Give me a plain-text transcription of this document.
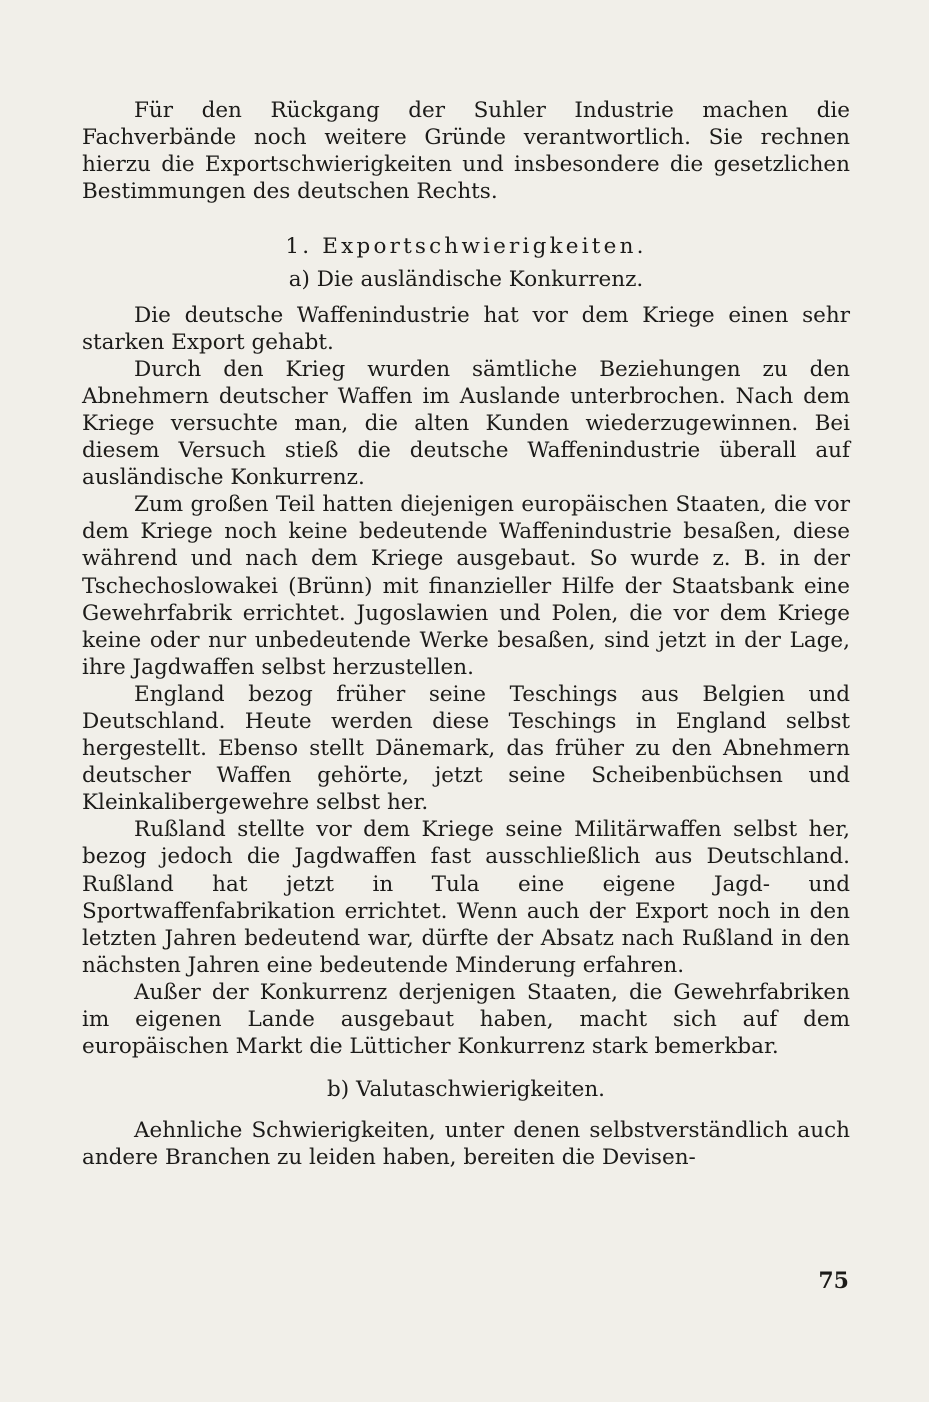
Für den Rückgang der Suhler Industrie machen die Fachverbände noch weitere Gründe verantwortlich. Sie rechnen hierzu die Exportschwierigkeiten und insbesondere die gesetzlichen Bestimmungen des deutschen Rechts.

1. Exportschwierigkeiten.

a) Die ausländische Konkurrenz.

Die deutsche Waffenindustrie hat vor dem Kriege einen sehr starken Export gehabt.

Durch den Krieg wurden sämtliche Beziehungen zu den Abnehmern deutscher Waffen im Auslande unterbrochen. Nach dem Kriege versuchte man, die alten Kunden wiederzugewinnen. Bei diesem Versuch stieß die deutsche Waffenindustrie überall auf ausländische Konkurrenz.

Zum großen Teil hatten diejenigen europäischen Staaten, die vor dem Kriege noch keine bedeutende Waffenindustrie besaßen, diese während und nach dem Kriege ausgebaut. So wurde z. B. in der Tschechoslowakei (Brünn) mit finanzieller Hilfe der Staatsbank eine Gewehrfabrik errichtet. Jugoslawien und Polen, die vor dem Kriege keine oder nur unbedeutende Werke besaßen, sind jetzt in der Lage, ihre Jagdwaffen selbst herzustellen.

England bezog früher seine Teschings aus Belgien und Deutschland. Heute werden diese Teschings in England selbst hergestellt. Ebenso stellt Dänemark, das früher zu den Abnehmern deutscher Waffen gehörte, jetzt seine Scheibenbüchsen und Kleinkalibergewehre selbst her.

Rußland stellte vor dem Kriege seine Militärwaffen selbst her, bezog jedoch die Jagdwaffen fast ausschließlich aus Deutschland. Rußland hat jetzt in Tula eine eigene Jagd- und Sportwaffenfabrikation errichtet. Wenn auch der Export noch in den letzten Jahren bedeutend war, dürfte der Absatz nach Rußland in den nächsten Jahren eine bedeutende Minderung erfahren.

Außer der Konkurrenz derjenigen Staaten, die Gewehrfabriken im eigenen Lande ausgebaut haben, macht sich auf dem europäischen Markt die Lütticher Konkurrenz stark bemerkbar.

b) Valutaschwierigkeiten.

Aehnliche Schwierigkeiten, unter denen selbstverständlich auch andere Branchen zu leiden haben, bereiten die Devisen-

75
